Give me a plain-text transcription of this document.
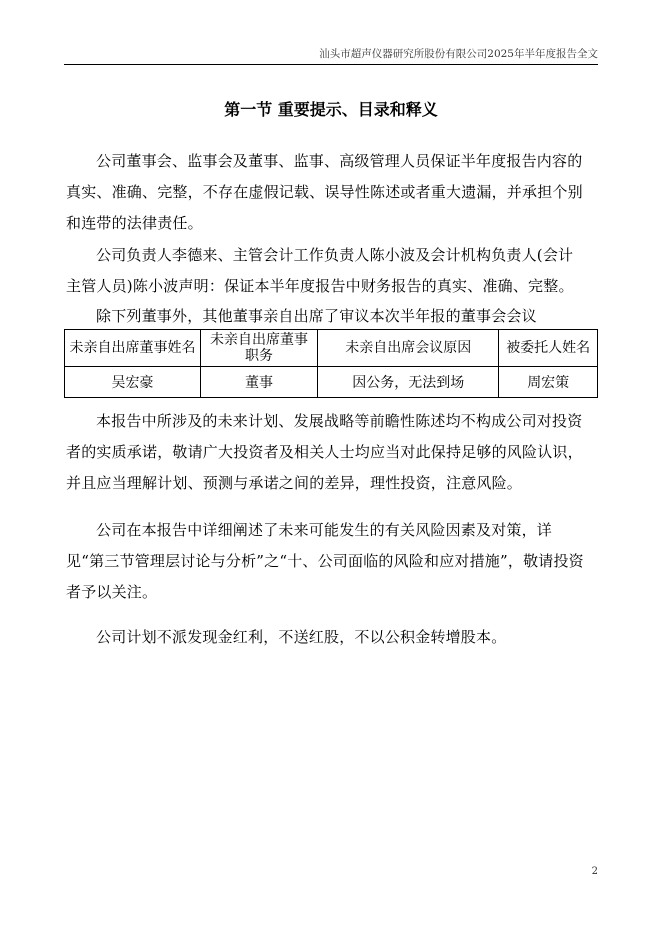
汕头市超声仪器研究所股份有限公司2025年半年度报告全文
第一节 重要提示、目录和释义

公司董事会、监事会及董事、监事、高级管理人员保证半年度报告内容的真实、准确、完整，不存在虚假记载、误导性陈述或者重大遗漏，并承担个别和连带的法律责任。

公司负责人李德来、主管会计工作负责人陈小波及会计机构负责人(会计主管人员)陈小波声明：保证本半年度报告中财务报告的真实、准确、完整。

除下列董事外，其他董事亲自出席了审议本次半年报的董事会会议

未亲自出席董事姓名	未亲自出席董事职务	未亲自出席会议原因	被委托人姓名
吴宏豪	董事	因公务，无法到场	周宏策

本报告中所涉及的未来计划、发展战略等前瞻性陈述均不构成公司对投资者的实质承诺，敬请广大投资者及相关人士均应当对此保持足够的风险认识，并且应当理解计划、预测与承诺之间的差异，理性投资，注意风险。

公司在本报告中详细阐述了未来可能发生的有关风险因素及对策，详见“第三节管理层讨论与分析”之“十、公司面临的风险和应对措施”，敬请投资者予以关注。

公司计划不派发现金红利，不送红股，不以公积金转增股本。

2
